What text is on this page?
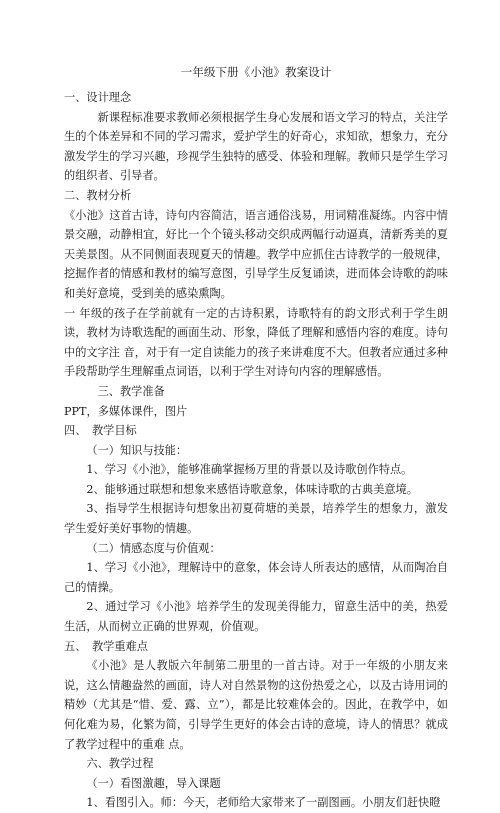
一年级下册《小池》教案设计

一、设计理念

新课程标准要求教师必须根据学生身心发展和语文学习的特点，关注学生的个体差异和不同的学习需求，爱护学生的好奇心，求知欲，想象力，充分激发学生的学习兴趣，珍视学生独特的感受、体验和理解。教师只是学生学习的组织者、引导者。

二、教材分析

《小池》这首古诗，诗句内容简洁，语言通俗浅易，用词精准凝练。内容中情景交融，动静相宜，好比一个个镜头移动交织成两幅行动逼真，清新秀美的夏天美景图。从不同侧面表现夏天的情趣。教学中应抓住古诗教学的一般规律，挖掘作者的情感和教材的编写意图，引导学生反复诵读，进而体会诗歌的韵味和美好意境，受到美的感染熏陶。

一 年级的孩子在学前就有一定的古诗积累，诗歌特有的韵文形式利于学生朗读，教材为诗歌选配的画面生动、形象，降低了理解和感悟内容的难度。诗句中的文字注 音，对于有一定自读能力的孩子来讲难度不大。但教者应通过多种手段帮助学生理解重点词语，以利于学生对诗句内容的理解感悟。

三、教学准备

PPT，多媒体课件，图片

四、　教学目标

（一）知识与技能：

1、学习《小池》，能够准确掌握杨万里的背景以及诗歌创作特点。

2、能够通过联想和想象来感悟诗歌意象，体味诗歌的古典美意境。

3、指导学生根据诗句想象出初夏荷塘的美景，培养学生的想象力，激发学生爱好美好事物的情趣。

（二）情感态度与价值观：

1、学习《小池》，理解诗中的意象，体会诗人所表达的感情，从而陶冶自己的情操。

2、通过学习《小池》培养学生的发现美得能力，留意生活中的美，热爱生活，从而树立正确的世界观，价值观。

五、　教学重难点

《小池》是人教版六年制第二册里的一首古诗。对于一年级的小朋友来说，这么情趣盎然的画面，诗人对自然景物的这份热爱之心，以及古诗用词的精妙（尤其是“惜、爱、露、立”），都是比较难体会的。因此，在教学中，如何化难为易，化繁为简，引导学生更好的体会古诗的意境，诗人的情思？就成了教学过程中的重难 点。

六、教学过程

（一）看图激趣，导入课题

1、看图引入。师：今天，老师给大家带来了一副图画。小朋友们赶快瞪
